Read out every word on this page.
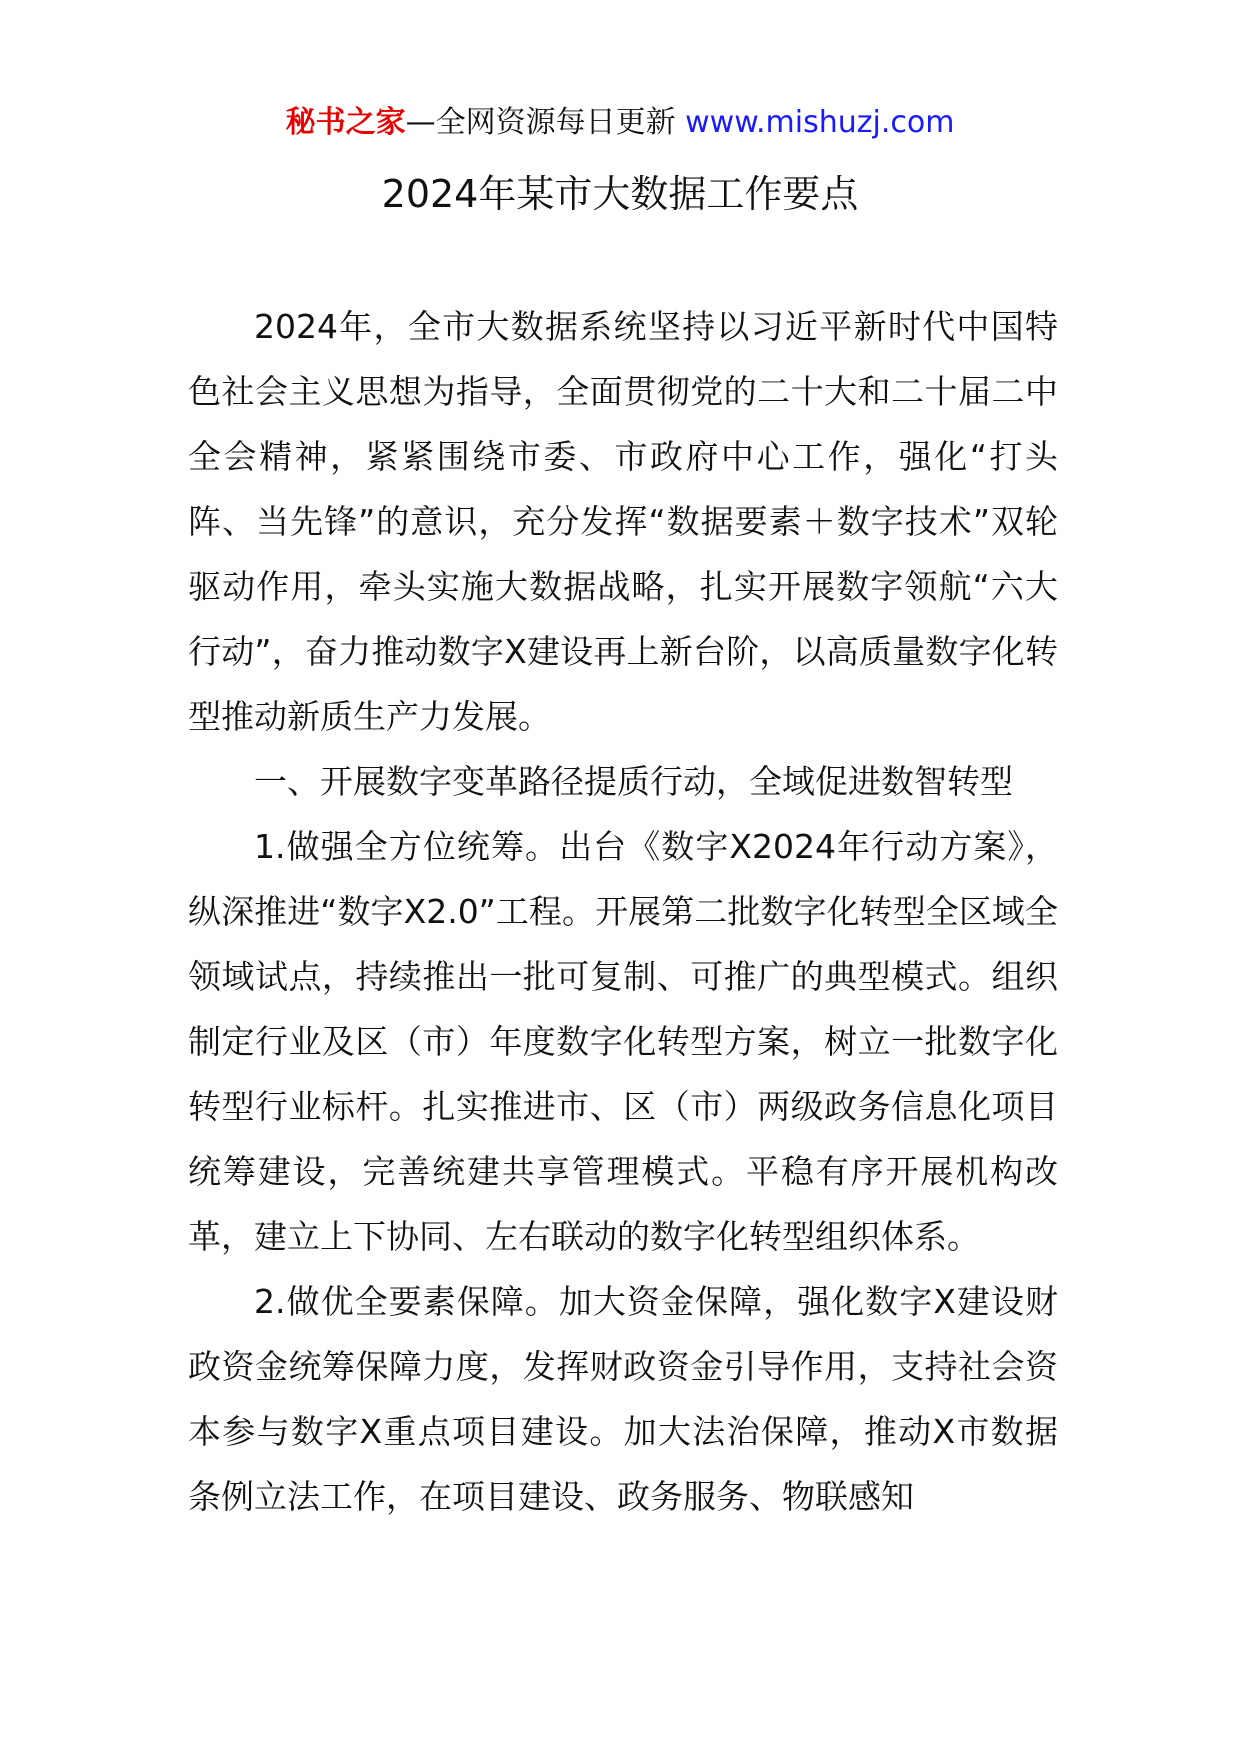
秘书之家—全网资源每日更新 www.mishuzj.com
2024年某市大数据工作要点

2024年，全市大数据系统坚持以习近平新时代中国特色社会主义思想为指导，全面贯彻党的二十大和二十届二中全会精神，紧紧围绕市委、市政府中心工作，强化“打头阵、当先锋”的意识，充分发挥“数据要素＋数字技术”双轮驱动作用，牵头实施大数据战略，扎实开展数字领航“六大行动”，奋力推动数字X建设再上新台阶，以高质量数字化转型推动新质生产力发展。

一、开展数字变革路径提质行动，全域促进数智转型

1.做强全方位统筹。出台《数字X2024年行动方案》，纵深推进“数字X2.0”工程。开展第二批数字化转型全区域全领域试点，持续推出一批可复制、可推广的典型模式。组织制定行业及区（市）年度数字化转型方案，树立一批数字化转型行业标杆。扎实推进市、区（市）两级政务信息化项目统筹建设，完善统建共享管理模式。平稳有序开展机构改革，建立上下协同、左右联动的数字化转型组织体系。

2.做优全要素保障。加大资金保障，强化数字X建设财政资金统筹保障力度，发挥财政资金引导作用，支持社会资本参与数字X重点项目建设。加大法治保障，推动X市数据条例立法工作，在项目建设、政务服务、物联感知
